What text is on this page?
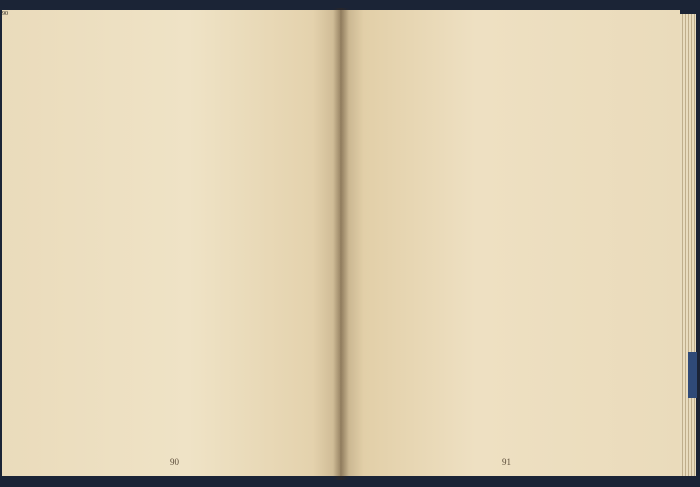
90

90	91
